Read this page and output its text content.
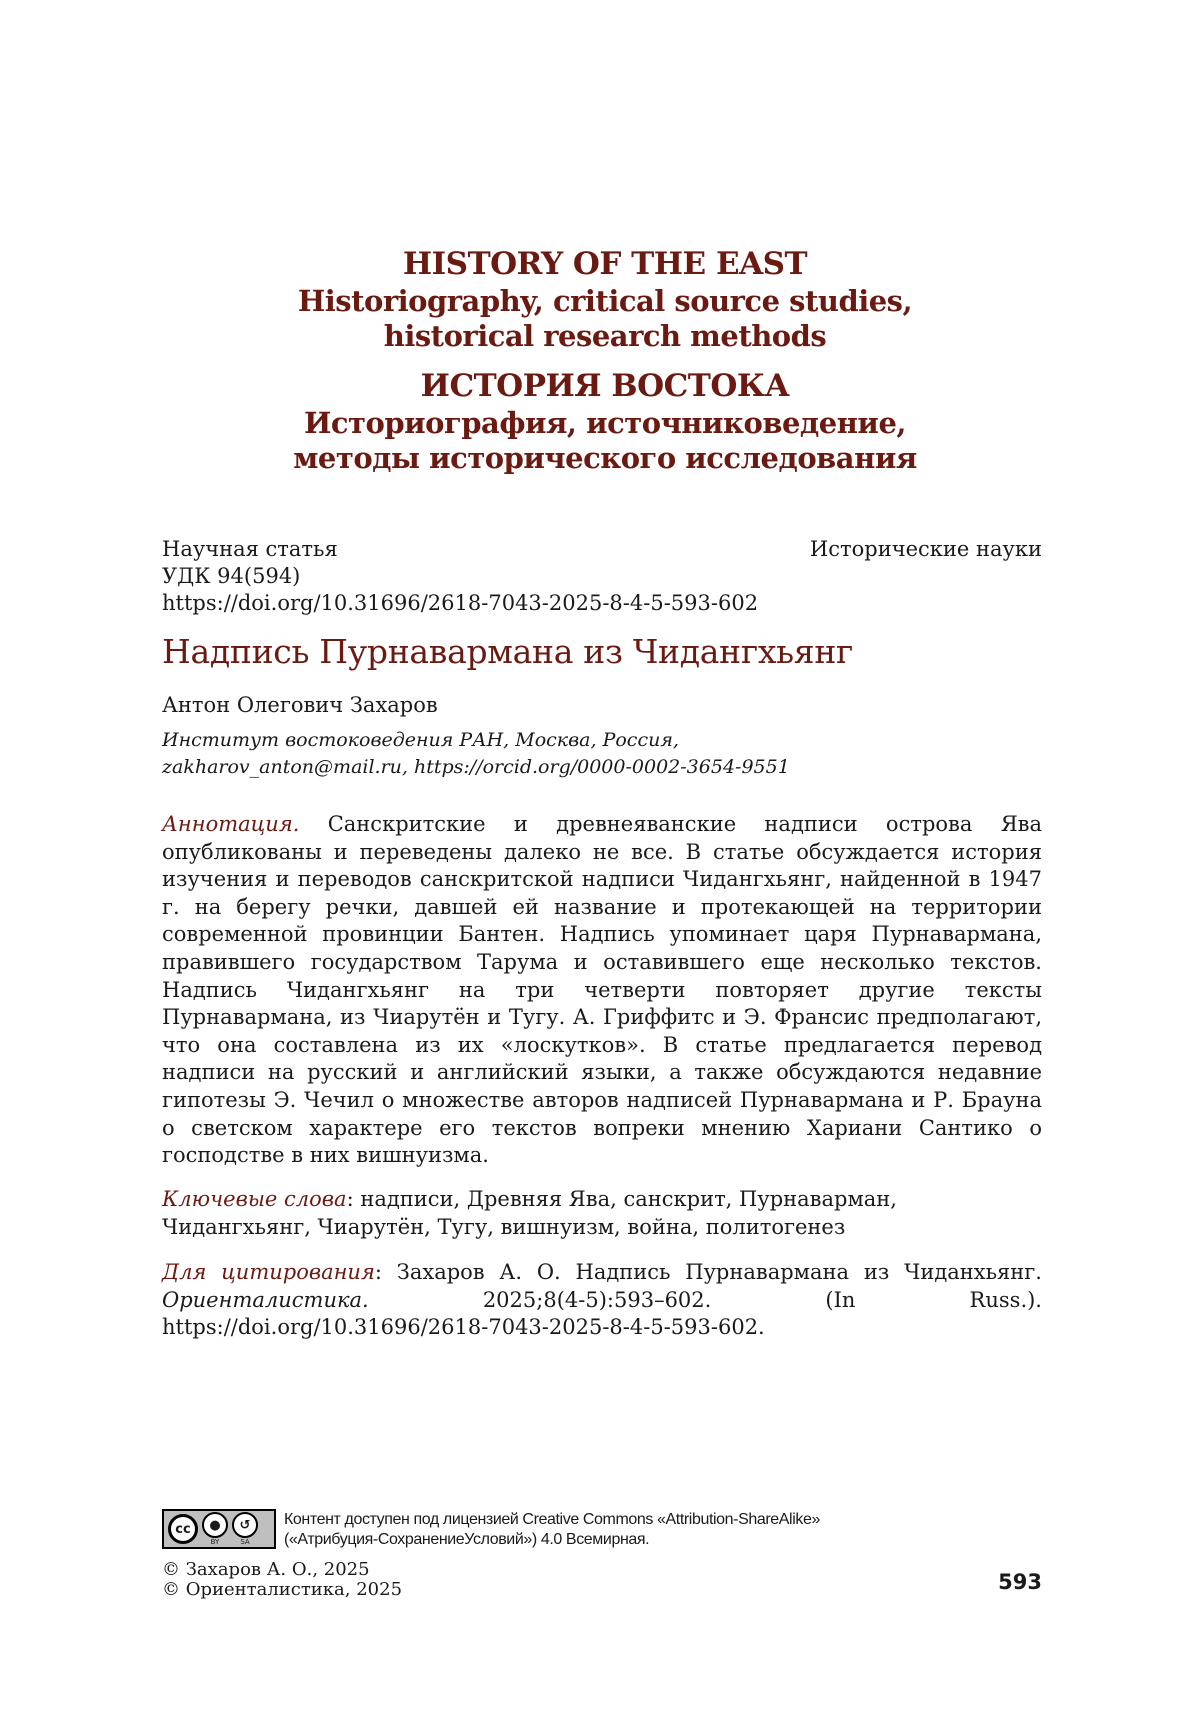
HISTORY OF THE EAST
Historiography, critical source studies,
historical research methods
ИСТОРИЯ ВОСТОКА
Историография, источниковедение,
методы исторического исследования
Научная статья	Исторические науки
УДК 94(594)
https://doi.org/10.31696/2618-7043-2025-8-4-5-593-602
Надпись Пурнавармана из Чидангхьянг
Антон Олегович Захаров
Институт востоковедения РАН, Москва, Россия,
zakharov_anton@mail.ru, https://orcid.org/0000-0002-3654-9551
Аннотация. Санскритские и древнеяванские надписи острова Ява опубликованы и переведены далеко не все. В статье обсуждается история изучения и переводов санскритской надписи Чидангхьянг, найденной в 1947 г. на берегу речки, давшей ей название и протекающей на территории современной провинции Бантен. Надпись упоминает царя Пурнавармана, правившего государством Тарума и оставившего еще несколько текстов. Надпись Чидангхьянг на три четверти повторяет другие тексты Пурнавармана, из Чиарутён и Тугу. А. Гриффитс и Э. Франсис предполагают, что она составлена из их «лоскутков». В статье предлагается перевод надписи на русский и английский языки, а также обсуждаются недавние гипотезы Э. Чечил о множестве авторов надписей Пурнавармана и Р. Брауна о светском характере его текстов вопреки мнению Хариани Сантико о господстве в них вишнуизма.
Ключевые слова: надписи, Древняя Ява, санскрит, Пурнаварман, Чидангхьянг, Чиарутён, Тугу, вишнуизм, война, политогенез
Для цитирования: Захаров А. О. Надпись Пурнавармана из Чиданхьянг. Ориенталистика. 2025;8(4-5):593–602. (In Russ.). https://doi.org/10.31696/2618-7043-2025-8-4-5-593-602.
cc	●
BY
↺
SA
Контент доступен под лицензией Creative Commons «Attribution-ShareAlike»
(«Атрибуция-СохранениеУсловий») 4.0 Всемирная.
© Захаров А. О., 2025
© Ориенталистика, 2025	593
